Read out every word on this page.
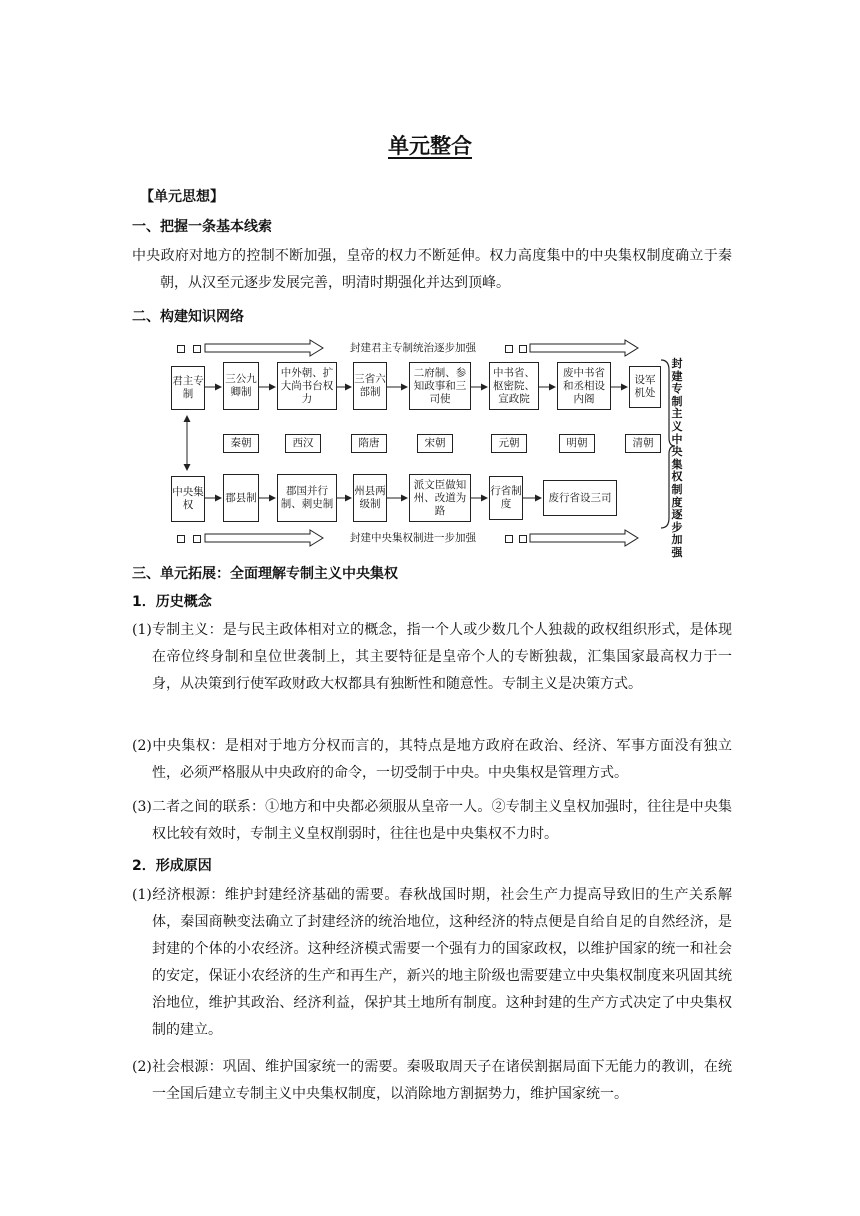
单元整合
【单元思想】
一、把握一条基本线索
中央政府对地方的控制不断加强，皇帝的权力不断延伸。权力高度集中的中央集权制度确立于秦朝，从汉至元逐步发展完善，明清时期强化并达到顶峰。
二、构建知识网络
封建君主专制统治逐步加强
封建中央集权制进一步加强
君主专制
三公九卿制
中外朝、扩大尚书台权力
三省六部制
二府制、参知政事和三司使
中书省、枢密院、宣政院
废中书省和丞相设内阁
设军机处
秦朝	西汉	隋唐	宋朝	元朝	明朝	清朝
中央集权
郡县制
郡国并行制、刺史制
州县两级制
派文臣做知州、改道为路
行省制度
废行省设三司
封建专制主义中央集权制度逐步加强
三、单元拓展：全面理解专制主义中央集权
1．历史概念
(1)专制主义：是与民主政体相对立的概念，指一个人或少数几个人独裁的政权组织形式，是体现在帝位终身制和皇位世袭制上，其主要特征是皇帝个人的专断独裁，汇集国家最高权力于一身，从决策到行使军政财政大权都具有独断性和随意性。专制主义是决策方式。
(2)中央集权：是相对于地方分权而言的，其特点是地方政府在政治、经济、军事方面没有独立性，必须严格服从中央政府的命令，一切受制于中央。中央集权是管理方式。
(3)二者之间的联系：①地方和中央都必须服从皇帝一人。②专制主义皇权加强时，往往是中央集权比较有效时，专制主义皇权削弱时，往往也是中央集权不力时。
2．形成原因
(1)经济根源：维护封建经济基础的需要。春秋战国时期，社会生产力提高导致旧的生产关系解体，秦国商鞅变法确立了封建经济的统治地位，这种经济的特点便是自给自足的自然经济，是封建的个体的小农经济。这种经济模式需要一个强有力的国家政权，以维护国家的统一和社会的安定，保证小农经济的生产和再生产，新兴的地主阶级也需要建立中央集权制度来巩固其统治地位，维护其政治、经济利益，保护其土地所有制度。这种封建的生产方式决定了中央集权制的建立。
(2)社会根源：巩固、维护国家统一的需要。秦吸取周天子在诸侯割据局面下无能力的教训，在统一全国后建立专制主义中央集权制度，以消除地方割据势力，维护国家统一。
